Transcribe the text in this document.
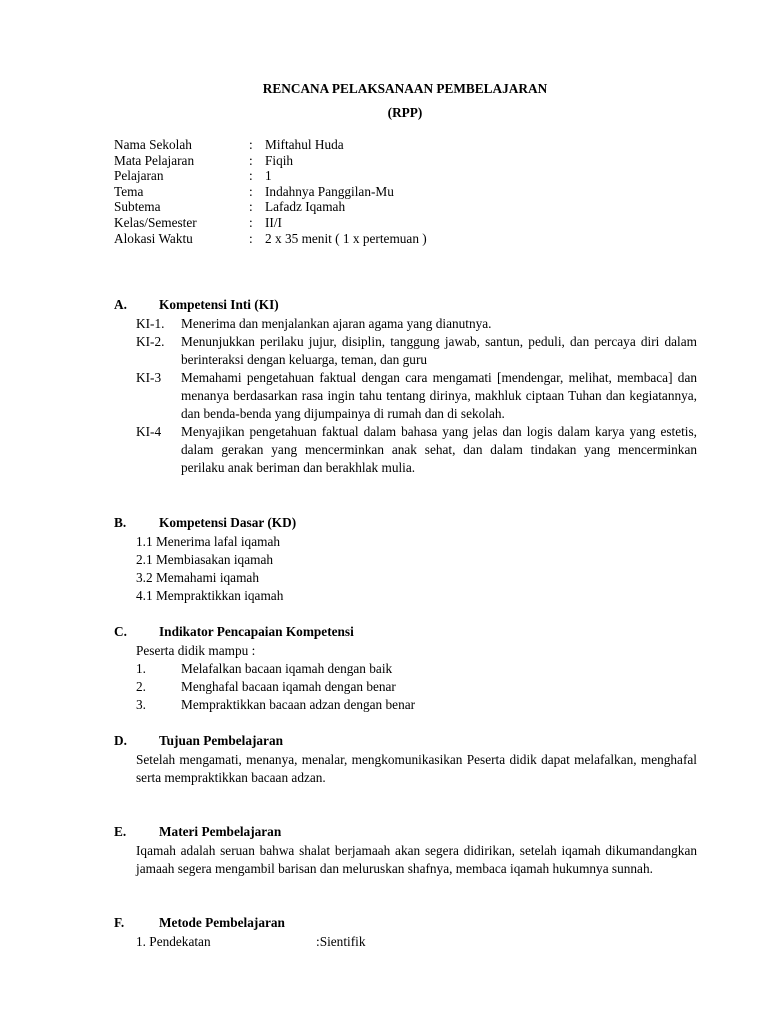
RENCANA PELAKSANAAN PEMBELAJARAN
(RPP)
Nama Sekolah	: Miftahul Huda
Mata Pelajaran	: Fiqih
Pelajaran	: 1
Tema	: Indahnya Panggilan-Mu
Subtema	: Lafadz Iqamah
Kelas/Semester	: II/I
Alokasi Waktu	: 2 x 35 menit ( 1 x pertemuan )
A.	Kompetensi Inti (KI)
KI-1.	Menerima dan menjalankan ajaran agama yang dianutnya.
KI-2.	Menunjukkan perilaku jujur, disiplin, tanggung jawab, santun, peduli, dan percaya diri dalam berinteraksi dengan keluarga, teman, dan guru
KI-3	Memahami pengetahuan faktual dengan cara mengamati [mendengar, melihat, membaca] dan menanya berdasarkan rasa ingin tahu tentang dirinya, makhluk ciptaan Tuhan dan kegiatannya, dan benda-benda yang dijumpainya di rumah dan di sekolah.
KI-4	Menyajikan pengetahuan faktual dalam bahasa yang jelas dan logis dalam karya yang estetis, dalam gerakan yang mencerminkan anak sehat, dan dalam tindakan yang mencerminkan perilaku anak beriman dan berakhlak mulia.
B.	Kompetensi Dasar (KD)
1.1 Menerima lafal iqamah
2.1 Membiasakan iqamah
3.2 Memahami iqamah
4.1 Mempraktikkan iqamah
C.	Indikator Pencapaian Kompetensi
Peserta didik mampu :
1.	Melafalkan bacaan iqamah dengan baik
2.	Menghafal bacaan iqamah dengan benar
3.	Mempraktikkan bacaan adzan dengan benar
D.	Tujuan Pembelajaran
Setelah mengamati, menanya, menalar, mengkomunikasikan Peserta didik dapat melafalkan, menghafal serta mempraktikkan bacaan adzan.
E.	Materi Pembelajaran
Iqamah adalah seruan bahwa shalat berjamaah akan segera didirikan, setelah iqamah dikumandangkan jamaah segera mengambil barisan dan meluruskan shafnya, membaca iqamah hukumnya sunnah.
F.	Metode Pembelajaran
1. Pendekatan	:Sientifik
